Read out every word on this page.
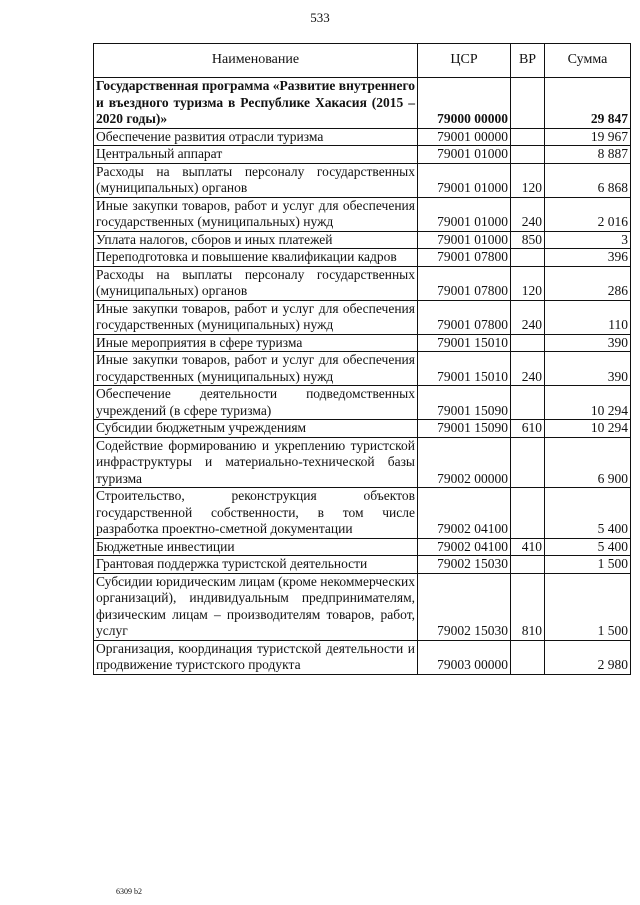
533
Наименование	ЦСР	ВР	Сумма
Государственная программа «Развитие внутреннего и въездного туризма в Республике Хакасия (2015 – 2020 годы)»	79000 00000		29 847
Обеспечение развития отрасли туризма	79001 00000		19 967
Центральный аппарат	79001 01000		8 887
Расходы на выплаты персоналу государственных (муниципальных) органов	79001 01000	120	6 868
Иные закупки товаров, работ и услуг для обеспечения государственных (муниципальных) нужд	79001 01000	240	2 016
Уплата налогов, сборов и иных платежей	79001 01000	850	3
Переподготовка и повышение квалификации кадров	79001 07800		396
Расходы на выплаты персоналу государственных (муниципальных) органов	79001 07800	120	286
Иные закупки товаров, работ и услуг для обеспечения государственных (муниципальных) нужд	79001 07800	240	110
Иные мероприятия в сфере туризма	79001 15010		390
Иные закупки товаров, работ и услуг для обеспечения государственных (муниципальных) нужд	79001 15010	240	390
Обеспечение деятельности подведомственных учреждений (в сфере туризма)	79001 15090		10 294
Субсидии бюджетным учреждениям	79001 15090	610	10 294
Содействие формированию и укреплению туристской инфраструктуры и материально-технической базы туризма	79002 00000		6 900
Строительство, реконструкция объектов государственной собственности, в том числе разработка проектно-сметной документации	79002 04100		5 400
Бюджетные инвестиции	79002 04100	410	5 400
Грантовая поддержка туристской деятельности	79002 15030		1 500
Субсидии юридическим лицам (кроме некоммерческих организаций), индивидуальным предпринимателям, физическим лицам – производителям товаров, работ, услуг	79002 15030	810	1 500
Организация, координация туристской деятельности и продвижение туристского продукта	79003 00000		2 980
6309 b2
